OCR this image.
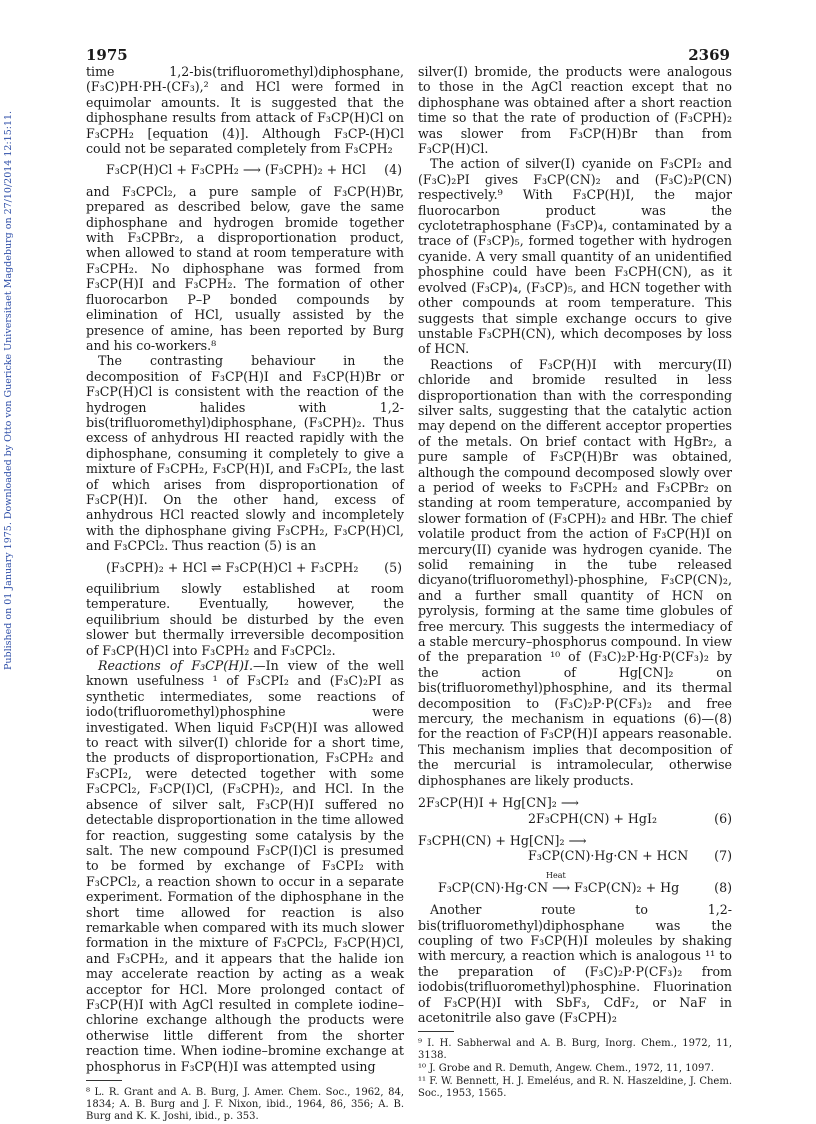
Published on 01 January 1975. Downloaded by Otto von Guericke Universitaet Magdeburg on 27/10/2014 12:15:11.
1975	2369

time 1,2-bis(trifluoromethyl)diphosphane, (F₃C)PH·PH-(CF₃),² and HCl were formed in equimolar amounts. It is suggested that the diphosphane results from attack of F₃CP(H)Cl on F₃CPH₂ [equation (4)]. Although F₃CP-(H)Cl could not be separated completely from F₃CPH₂

F₃CP(H)Cl + F₃CPH₂ ⟶ (F₃CPH)₂ + HCl (4)

and F₃CPCl₂, a pure sample of F₃CP(H)Br, prepared as described below, gave the same diphosphane and hydrogen bromide together with F₃CPBr₂, a disproportionation product, when allowed to stand at room temperature with F₃CPH₂. No diphosphane was formed from F₃CP(H)I and F₃CPH₂. The formation of other fluorocarbon P–P bonded compounds by elimination of HCl, usually assisted by the presence of amine, has been reported by Burg and his co-workers.⁸

The contrasting behaviour in the decomposition of F₃CP(H)I and F₃CP(H)Br or F₃CP(H)Cl is consistent with the reaction of the hydrogen halides with 1,2-bis(trifluoromethyl)diphosphane, (F₃CPH)₂. Thus excess of anhydrous HI reacted rapidly with the diphosphane, consuming it completely to give a mixture of F₃CPH₂, F₃CP(H)I, and F₃CPI₂, the last of which arises from disproportionation of F₃CP(H)I. On the other hand, excess of anhydrous HCl reacted slowly and incompletely with the diphosphane giving F₃CPH₂, F₃CP(H)Cl, and F₃CPCl₂. Thus reaction (5) is an

(F₃CPH)₂ + HCl ⇌ F₃CP(H)Cl + F₃CPH₂ (5)

equilibrium slowly established at room temperature. Eventually, however, the equilibrium should be disturbed by the even slower but thermally irreversible decomposition of F₃CP(H)Cl into F₃CPH₂ and F₃CPCl₂.

Reactions of F₃CP(H)I.—In view of the well known usefulness ¹ of F₃CPI₂ and (F₃C)₂PI as synthetic intermediates, some reactions of iodo(trifluoromethyl)phosphine were investigated. When liquid F₃CP(H)I was allowed to react with silver(I) chloride for a short time, the products of disproportionation, F₃CPH₂ and F₃CPI₂, were detected together with some F₃CPCl₂, F₃CP(I)Cl, (F₃CPH)₂, and HCl. In the absence of silver salt, F₃CP(H)I suffered no detectable disproportionation in the time allowed for reaction, suggesting some catalysis by the salt. The new compound F₃CP(I)Cl is presumed to be formed by exchange of F₃CPI₂ with F₃CPCl₂, a reaction shown to occur in a separate experiment. Formation of the diphosphane in the short time allowed for reaction is also remarkable when compared with its much slower formation in the mixture of F₃CPCl₂, F₃CP(H)Cl, and F₃CPH₂, and it appears that the halide ion may accelerate reaction by acting as a weak acceptor for HCl. More prolonged contact of F₃CP(H)I with AgCl resulted in complete iodine–chlorine exchange although the products were otherwise little different from the shorter reaction time. When iodine–bromine exchange at phosphorus in F₃CP(H)I was attempted using

⁸ L. R. Grant and A. B. Burg, J. Amer. Chem. Soc., 1962, 84, 1834; A. B. Burg and J. F. Nixon, ibid., 1964, 86, 356; A. B. Burg and K. K. Joshi, ibid., p. 353.

silver(I) bromide, the products were analogous to those in the AgCl reaction except that no diphosphane was obtained after a short reaction time so that the rate of production of (F₃CPH)₂ was slower from F₃CP(H)Br than from F₃CP(H)Cl.

The action of silver(I) cyanide on F₃CPI₂ and (F₃C)₂PI gives F₃CP(CN)₂ and (F₃C)₂P(CN) respectively.⁹ With F₃CP(H)I, the major fluorocarbon product was the cyclotetraphosphane (F₃CP)₄, contaminated by a trace of (F₃CP)₅, formed together with hydrogen cyanide. A very small quantity of an unidentified phosphine could have been F₃CPH(CN), as it evolved (F₃CP)₄, (F₃CP)₅, and HCN together with other compounds at room temperature. This suggests that simple exchange occurs to give unstable F₃CPH(CN), which decomposes by loss of HCN.

Reactions of F₃CP(H)I with mercury(II) chloride and bromide resulted in less disproportionation than with the corresponding silver salts, suggesting that the catalytic action may depend on the different acceptor properties of the metals. On brief contact with HgBr₂, a pure sample of F₃CP(H)Br was obtained, although the compound decomposed slowly over a period of weeks to F₃CPH₂ and F₃CPBr₂ on standing at room temperature, accompanied by slower formation of (F₃CPH)₂ and HBr. The chief volatile product from the action of F₃CP(H)I on mercury(II) cyanide was hydrogen cyanide. The solid remaining in the tube released dicyano(trifluoromethyl)-phosphine, F₃CP(CN)₂, and a further small quantity of HCN on pyrolysis, forming at the same time globules of free mercury. This suggests the intermediacy of a stable mercury–phosphorus compound. In view of the preparation ¹⁰ of (F₃C)₂P·Hg·P(CF₃)₂ by the action of Hg[CN]₂ on bis(trifluoromethyl)phosphine, and its thermal decomposition to (F₃C)₂P·P(CF₃)₂ and free mercury, the mechanism in equations (6)—(8) for the reaction of F₃CP(H)I appears reasonable. This mechanism implies that decomposition of the mercurial is intramolecular, otherwise diphosphanes are likely products.

2F₃CP(H)I + Hg[CN]₂ ⟶
2F₃CPH(CN) + HgI₂	(6)
F₃CPH(CN) + Hg[CN]₂ ⟶
F₃CP(CN)·Hg·CN + HCN (7)
Heat
F₃CP(CN)·Hg·CN ⟶ F₃CP(CN)₂ + Hg	(8)

Another route to 1,2-bis(trifluoromethyl)diphosphane was the coupling of two F₃CP(H)I moleules by shaking with mercury, a reaction which is analogous ¹¹ to the preparation of (F₃C)₂P·P(CF₃)₂ from iodobis(trifluoromethyl)phosphine. Fluorination of F₃CP(H)I with SbF₃, CdF₂, or NaF in acetonitrile also gave (F₃CPH)₂

⁹ I. H. Sabherwal and A. B. Burg, Inorg. Chem., 1972, 11, 3138.
¹⁰ J. Grobe and R. Demuth, Angew. Chem., 1972, 11, 1097.
¹¹ F. W. Bennett, H. J. Emeléus, and R. N. Haszeldine, J. Chem. Soc., 1953, 1565.
